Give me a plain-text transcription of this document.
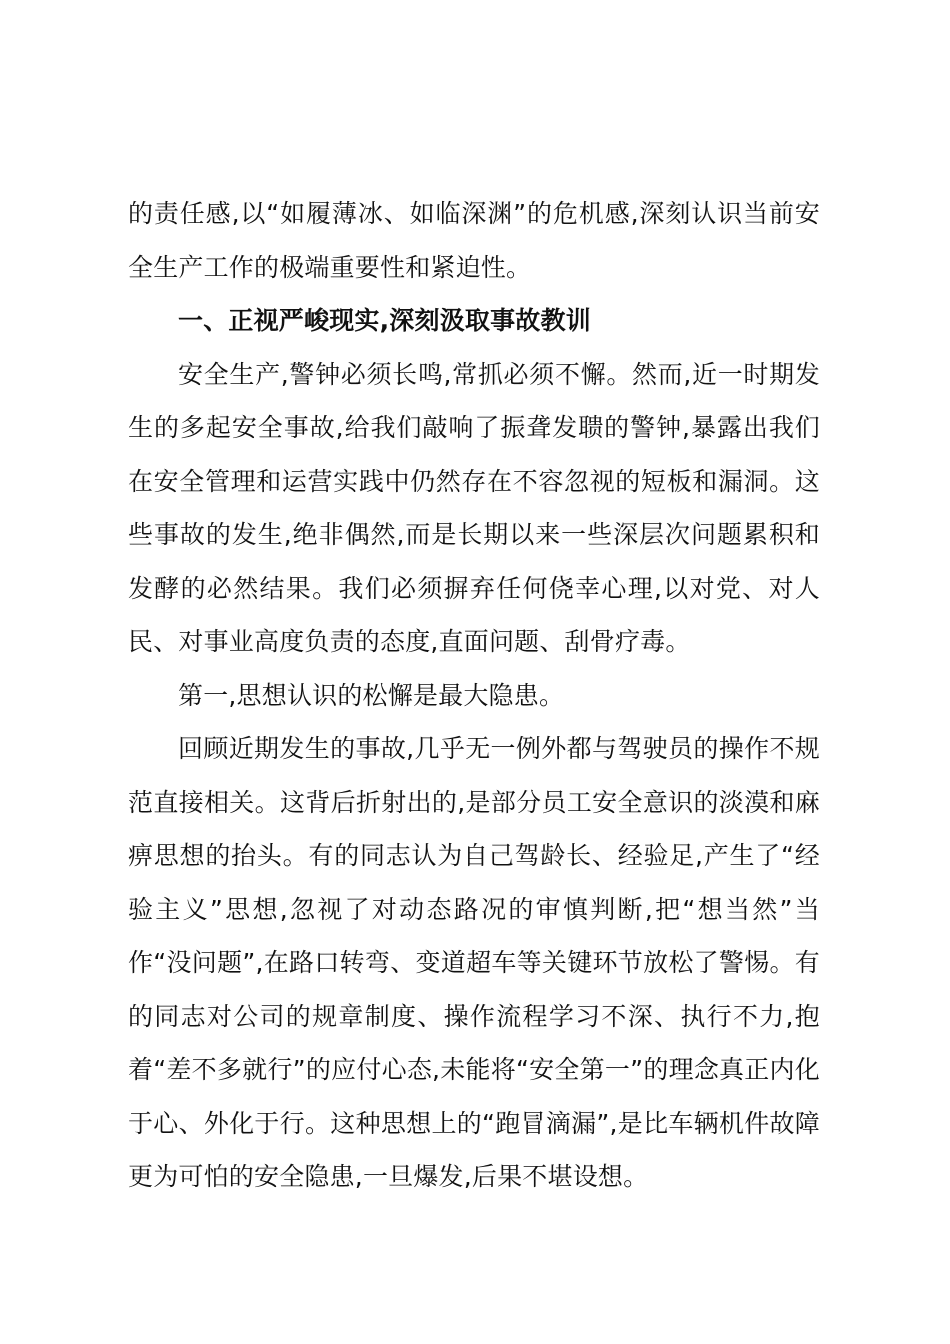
的责任感,以“如履薄冰、如临深渊”的危机感,深刻认识当前安全生产工作的极端重要性和紧迫性。

一、正视严峻现实,深刻汲取事故教训

安全生产,警钟必须长鸣,常抓必须不懈。然而,近一时期发生的多起安全事故,给我们敲响了振聋发聩的警钟,暴露出我们在安全管理和运营实践中仍然存在不容忽视的短板和漏洞。这些事故的发生,绝非偶然,而是长期以来一些深层次问题累积和发酵的必然结果。我们必须摒弃任何侥幸心理,以对党、对人民、对事业高度负责的态度,直面问题、刮骨疗毒。

第一,思想认识的松懈是最大隐患。

回顾近期发生的事故,几乎无一例外都与驾驶员的操作不规范直接相关。这背后折射出的,是部分员工安全意识的淡漠和麻痹思想的抬头。有的同志认为自己驾龄长、经验足,产生了“经验主义”思想,忽视了对动态路况的审慎判断,把“想当然”当作“没问题”,在路口转弯、变道超车等关键环节放松了警惕。有的同志对公司的规章制度、操作流程学习不深、执行不力,抱着“差不多就行”的应付心态,未能将“安全第一”的理念真正内化于心、外化于行。这种思想上的“跑冒滴漏”,是比车辆机件故障更为可怕的安全隐患,一旦爆发,后果不堪设想。
